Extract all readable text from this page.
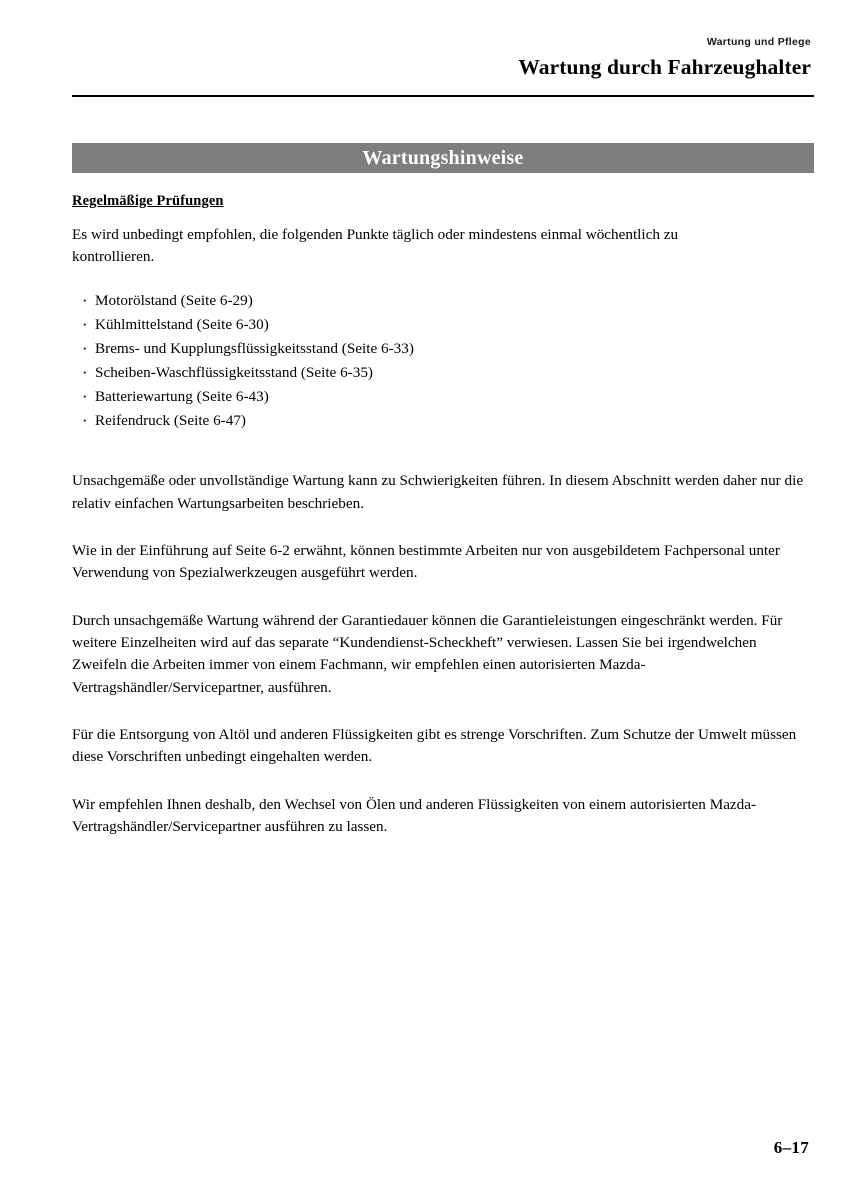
Wartung und Pflege
Wartung durch Fahrzeughalter
Wartungshinweise
Regelmäßige Prüfungen

Es wird unbedingt empfohlen, die folgenden Punkte täglich oder mindestens einmal wöchentlich zu kontrollieren.

· Motorölstand (Seite 6-29)
· Kühlmittelstand (Seite 6-30)
· Brems- und Kupplungsflüssigkeitsstand (Seite 6-33)
· Scheiben-Waschflüssigkeitsstand (Seite 6-35)
· Batteriewartung (Seite 6-43)
· Reifendruck (Seite 6-47)

Unsachgemäße oder unvollständige Wartung kann zu Schwierigkeiten führen. In diesem Abschnitt werden daher nur die relativ einfachen Wartungsarbeiten beschrieben.

Wie in der Einführung auf Seite 6-2 erwähnt, können bestimmte Arbeiten nur von ausgebildetem Fachpersonal unter Verwendung von Spezialwerkzeugen ausgeführt werden.

Durch unsachgemäße Wartung während der Garantiedauer können die Garantieleistungen eingeschränkt werden. Für weitere Einzelheiten wird auf das separate “Kundendienst-Scheckheft” verwiesen. Lassen Sie bei irgendwelchen Zweifeln die Arbeiten immer von einem Fachmann, wir empfehlen einen autorisierten Mazda-Vertragshändler/Servicepartner, ausführen.

Für die Entsorgung von Altöl und anderen Flüssigkeiten gibt es strenge Vorschriften. Zum Schutze der Umwelt müssen diese Vorschriften unbedingt eingehalten werden.

Wir empfehlen Ihnen deshalb, den Wechsel von Ölen und anderen Flüssigkeiten von einem autorisierten Mazda-Vertragshändler/Servicepartner ausführen zu lassen.

6–17
